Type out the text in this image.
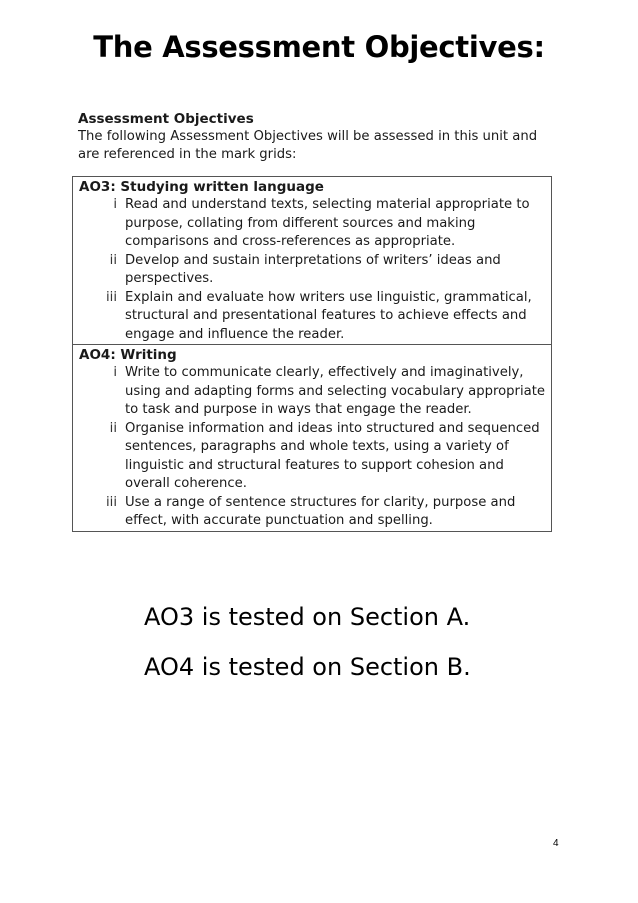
The Assessment Objectives:
Assessment Objectives
The following Assessment Objectives will be assessed in this unit and are referenced in the mark grids:
AO3: Studying written language
i Read and understand texts, selecting material appropriate to purpose, collating from different sources and making comparisons and cross-references as appropriate.
ii Develop and sustain interpretations of writers’ ideas and perspectives.
iii Explain and evaluate how writers use linguistic, grammatical, structural and presentational features to achieve effects and engage and influence the reader.
AO4: Writing
i Write to communicate clearly, effectively and imaginatively, using and adapting forms and selecting vocabulary appropriate to task and purpose in ways that engage the reader.
ii Organise information and ideas into structured and sequenced sentences, paragraphs and whole texts, using a variety of linguistic and structural features to support cohesion and overall coherence.
iii Use a range of sentence structures for clarity, purpose and effect, with accurate punctuation and spelling.
AO3 is tested on Section A.
AO4 is tested on Section B.
4
